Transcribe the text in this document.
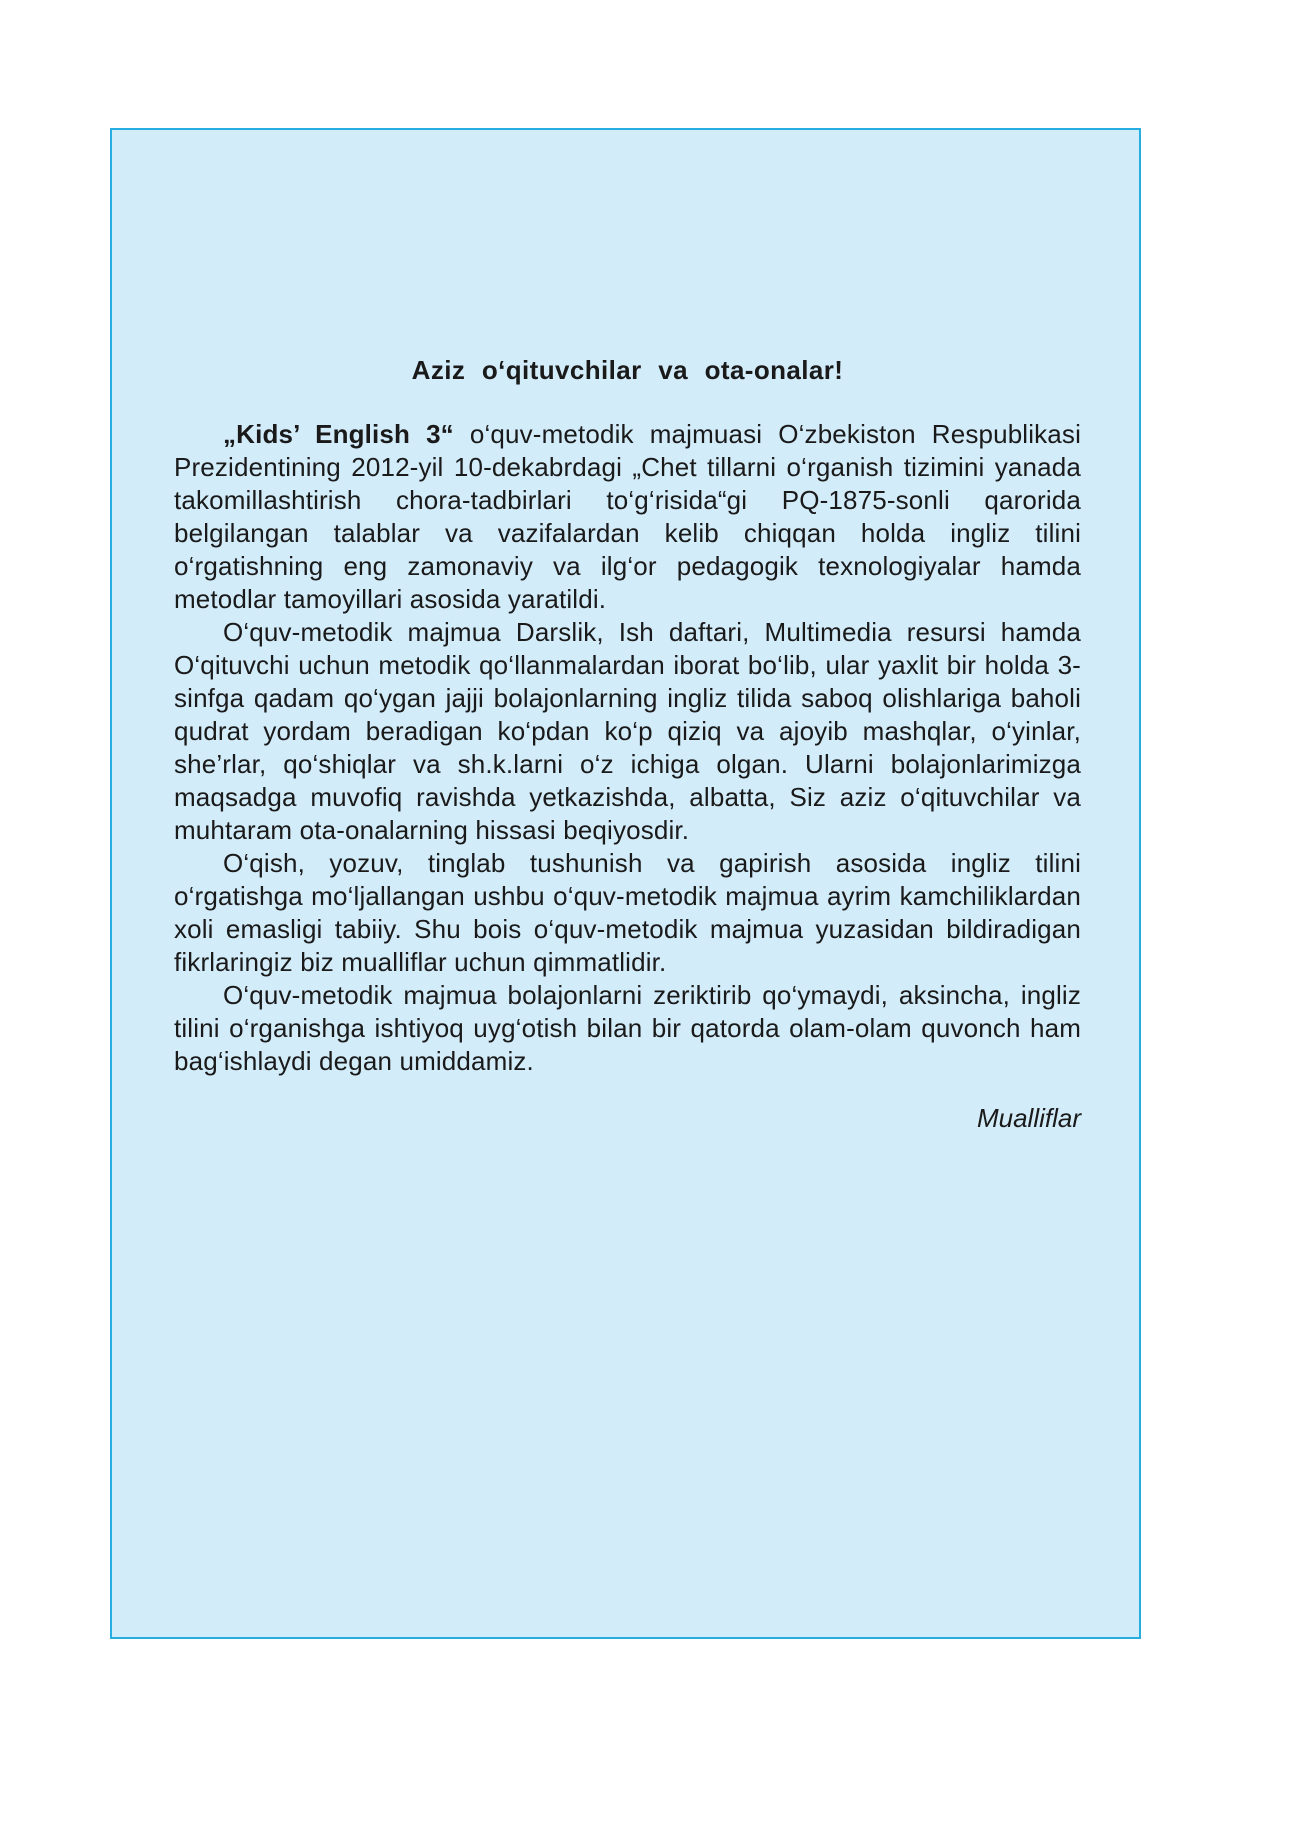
Aziz o‘qituvchilar va ota-onalar!

„Kids’ English 3“ o‘quv-metodik majmuasi O‘zbekiston Respublikasi Prezidentining 2012-yil 10-dekabrdagi „Chet tillarni o‘rganish tizimini yanada takomillashtirish chora-tadbirlari to‘g‘risida“gi PQ-1875-sonli qarorida belgilangan talablar va vazifalardan kelib chiqqan holda ingliz tilini o‘rgatishning eng zamonaviy va ilg‘or pedagogik texnologiyalar hamda metodlar tamoyillari asosida yaratildi.

O‘quv-metodik majmua Darslik, Ish daftari, Multimedia resursi hamda O‘qituvchi uchun metodik qo‘llanmalardan iborat bo‘lib, ular yaxlit bir holda 3-sinfga qadam qo‘ygan jajji bolajonlarning ingliz tilida saboq olishlariga baholi qudrat yordam beradigan ko‘pdan ko‘p qiziq va ajoyib mashqlar, o‘yinlar, she’rlar, qo‘shiqlar va sh.k.larni o‘z ichiga olgan. Ularni bolajonlarimizga maqsadga muvofiq ravishda yetkazishda, albatta, Siz aziz o‘qituvchilar va muhtaram ota-onalarning hissasi beqiyosdir.

O‘qish, yozuv, tinglab tushunish va gapirish asosida ingliz tilini o‘rgatishga mo‘ljallangan ushbu o‘quv-metodik majmua ayrim kamchiliklardan xoli emasligi tabiiy. Shu bois o‘quv-metodik majmua yuzasidan bildiradigan fikrlaringiz biz mualliflar uchun qimmatlidir.

O‘quv-metodik majmua bolajonlarni zeriktirib qo‘ymaydi, aksincha, ingliz tilini o‘rganishga ishtiyoq uyg‘otish bilan bir qatorda olam-olam quvonch ham bag‘ishlaydi degan umiddamiz.

Mualliflar
